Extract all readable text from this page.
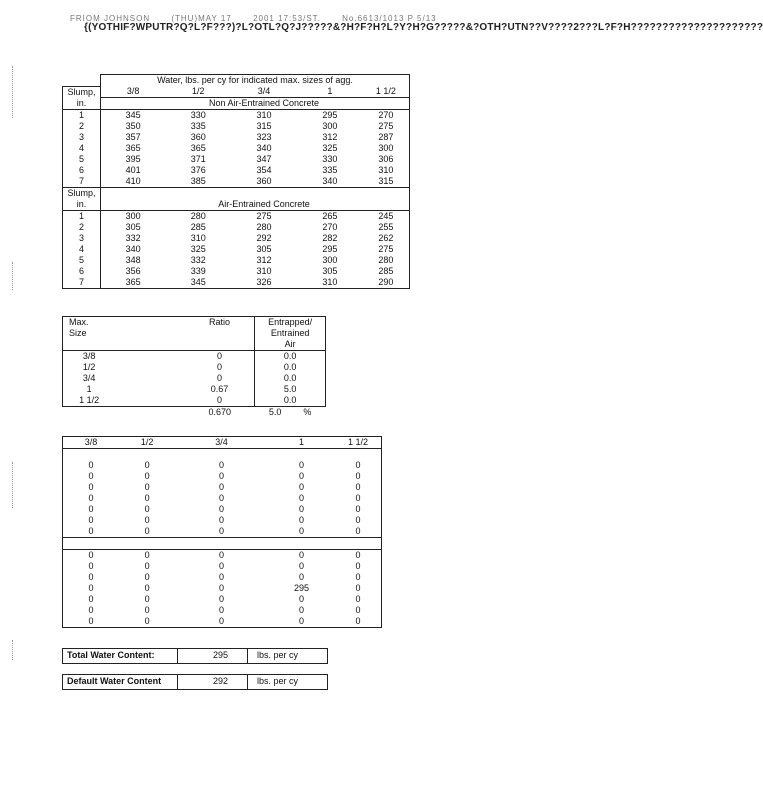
FRIOM JOHNSON	(THU)MAY 17	2001 17:53/ST.	No.6613/1013 P 5/13
{(YOTHIF?WPUTR?Q?L?F???)?L?OTL?Q?J?????&?H?F?H?L?Y?H?G?????&?OTH?UTN??V????2???L?F?H?????????????????????
	Water, lbs. per cy for indicated max. sizes of agg.				
Slump,	3/8	1/2	3/4	1	1 1/2
in.		Non Air-Entrained Concrete			
1	345	330	310	295	270
2	350	335	315	300	275
3	357	360	323	312	287
4	365	365	340	325	300
5	395	371	347	330	306
6	401	376	354	335	310
7	410	385	360	340	315
Slump,					
in.		Air-Entrained Concrete			
1	300	280	275	265	245
2	305	285	280	270	255
3	332	310	292	282	262
4	340	325	305	295	275
5	348	332	312	300	280
6	356	339	310	305	285
7	365	345	326	310	290
Max.		Ratio	Entrapped/
Size			Entrained
			Air
3/8		0	0.0
1/2		0	0.0
3/4		0	0.0
1		0.67	5.0
1 1/2		0	0.0
		0.670	5.0 %
3/8	1/2	3/4	1	1 1/2

0	0	0	0	0
0	0	0	0	0
0	0	0	0	0
0	0	0	0	0
0	0	0	0	0
0	0	0	0	0
0	0	0	0	0

0	0	0	0	0
0	0	0	0	0
0	0	0	0	0
0	0	0	295	0
0	0	0	0	0
0	0	0	0	0
0	0	0	0	0
Total Water Content:	295	lbs. per cy
Default Water Content	292	lbs. per cy
